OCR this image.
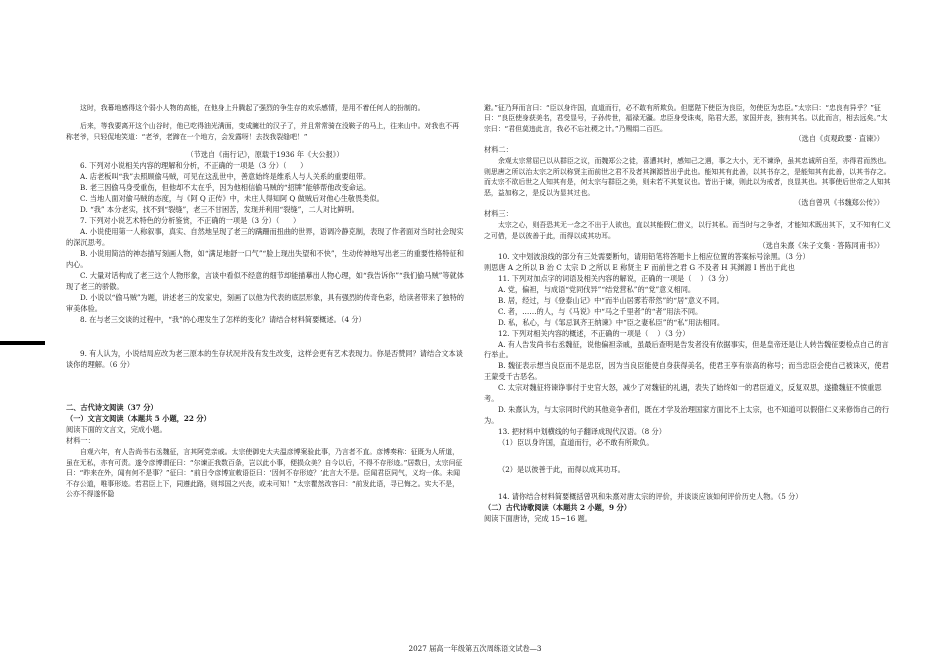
这时，我幕地感得这个弱小人物的高能，在他身上升腾起了强烈的争生存的欢乐感情，是用不着任何人的扮制的。

后来，等我要离开这个山谷时，他已吃得油光满面，变成臃壮的汉子了，并且常常骑在没鞍子的马上，往来山中。对我也不再称老爷，只轻侃地笑道：“老爷，老蹄在一个地方，会发露呀！去找我裂缝吧！”

（节选自《南行记》，原载于1936 年《大公报》）

6. 下列对小说相关内容的理解和分析，不正确的一项是（3 分）（      ）

A. 店老板叫“我”去照顾偷马贼，可见在这乱世中，善意始终是维系人与人关系的重要纽带。

B. 老三因偷马身受重伤，但他却不太在乎，因为他相信偷马贼的“招牌”能够帮他改变命运。

C. 当地人面对偷马贼的态度，与《阿 Q 正传》中，未庄人得知阿 Q 做贼后对他心生敬畏类似。

D. “我” 本分老实，找不到“裂缝”，老三不甘困苦，发现并利用“裂缝”，二人对比鲜明。

7. 下列对小说艺术特色的分析鉴赏，不正确的一项是（3 分）（      ）

A. 小说使用第一人称叙事，真实、自然地呈现了老三的蹒跚而扭曲的世界，语调冷静克制，表现了作者面对当时社会现实的深沉思考。

B. 小说用简洁的神态描写刻画人物，如“满足地舒一口气”“脸上现出失望和不快”，生动传神地写出老三的重要性格特征和内心。

C. 大量对话构成了老三这个人物形象，言谈中看似不经意的细节却能描摹出人物心理，如“我告诉你”“我们偷马贼”等就体现了老三的骄傲。

D. 小说以“偷马贼”为题，讲述老三的发家史，刻画了以他为代表的底层形象，具有强烈的传奇色彩，给读者带来了独特的审美体验。

8. 在与老三交谈的过程中，“我”的心理发生了怎样的变化？请结合材料简要概述。（4 分）

9. 有人认为，小说结局应改为老三原本的生存状况并没有发生改变，这样会更有艺术表现力。你是否赞同？请结合文本谈谈你的理解。（6 分）

二、古代诗文阅读（37 分）

（一）文言文阅读（本题共 5 小题，22 分）

阅读下面的文言文，完成小题。

材料一：

自观六年，有人告尚书右丞魏征，言其阿党亲戚。太宗使御史大夫温彦博案验此事，乃言者不直。彦博奏称：征既为人所道，虽在无私，亦有可责。遂令彦博谓征曰：“尔谏正我数百条，岂以此小事，便损众美？自今以后，不得不存形迹。”居数日，太宗问征曰：“昨来在外，闻有何不是事？”征曰：“前日令彦博宣敕语臣曰：‘因何不存形迹？’此言大不是。臣闻君臣同气，义均一体。未闻不存公道，唯事形迹。若君臣上下，同遵此路，则邦国之兴丧，或未可知！”太宗瞿然改容曰：“前发此语，寻已悔之。实大不是，公亦不得遂怀隐

避。”征乃拜而言曰：“臣以身许国，直道而行，必不敢有所欺负。但愿陛下使臣为良臣，勿使臣为忠臣。”太宗曰：“忠良有异乎？”征曰：“良臣使身获美名，君受显号，子孙传世，福禄无疆。忠臣身受诛夷，陷君大恶，家国并丧，独有其名。以此而言，相去远矣。”太宗曰：“君但莫违此言，我必不忘社稷之计。”乃赐绢二百匹。

（选自《贞观政要 · 直谏》）

材料二：

余观太宗常屈已以从群臣之议，而魏郑公之徒，喜遭其时，感知己之遇，事之大小，无不谏诤，虽其忠诚所自至，亦得君而然也。则思唐之所以治太宗之所以称贤主而前世之君不及者其渊源皆出乎此也。能知其有此善，以其书存之，是能知其有此善，以其书存之。而太宗不欲后世之人知其有是，何太宗与群臣之美，则未若不其复议也。皆出于谏，则此以为戒者，良显其也。其事使后世帝之人知其恶，益加称之，是反以为显其过也。

（选自曾巩《书魏郑公传》）

材料三：

太宗之心，则吾恐其无一念之不出于人欲也，直以其能假仁借义，以行其私。而当时与之争者，才能知术既出其下，又不知有仁义之可借，是以彼善于此，而得以成其功耳。

（选自朱熹《朱子文集 · 答陈同甫书》）

10. 文中划波浪线的部分有三处需要断句，请用铅笔将答题卡上相应位置的答案标号涂黑。（3 分）

则思唐 A 之所以 B 治 C 太宗 D 之所以 E 称贤主 F 而前世之君 G 不及者 H 其渊源 I 皆出于此也

11. 下列对加点字的词语及相关内容的解说，正确的一项是（    ）（3 分）

A. 党，偏袒，与成语“党同伐异”“结党营私”的“党”意义相同。

B. 居，经过，与《登泰山记》中“而半山居雾若带然”的“居”意义不同。

C. 者，……的人，与《马说》中“马之千里者”的“者”用法不同。

D. 私，私心，与《邹忌讽齐王纳谏》中“臣之妻私臣”的“私”用法相同。

12. 下列对相关内容的概述，不正确的一项是（    ）（3 分）

A. 有人告发尚书右丞魏征，说他偏袒亲戚，虽最后查明是告发者没有依据事实，但是皇帝还是让人转告魏征要检点自己的言行举止。

B. 魏征表示想当良臣而不是忠臣，因为当良臣能使自身获得美名，使君王享有崇高的称号；而当忠臣会使自己被诛灭，使君王蒙受千古恶名。

C. 太宗对魏征将谏诤事付于史官大怒，减少了对魏征的礼遇，表失了始终如一的君臣道义，反复双思，遂撒魏征不愤重思考。

D. 朱熹认为，与太宗同时代的其他竞争者们，既在才学及治理国家方面比不上太宗，也不知道可以假借仁义来修饰自己的行为。

13. 把材料中划横线的句子翻译成现代汉语。（8 分）

（1）臣以身许国，直道而行，必不敢有所欺负。

（2）是以彼善于此，而得以成其功耳。

14. 请你结合材料简要概括曾巩和朱熹对唐太宗的评价，并谈谈应该如何评价历史人物。（5 分）

（二）古代诗歌阅读（本题共 2 小题，9 分）

阅读下面唐诗，完成 15~16 题。

2027 届高一年级第五次周练语文试卷—3
